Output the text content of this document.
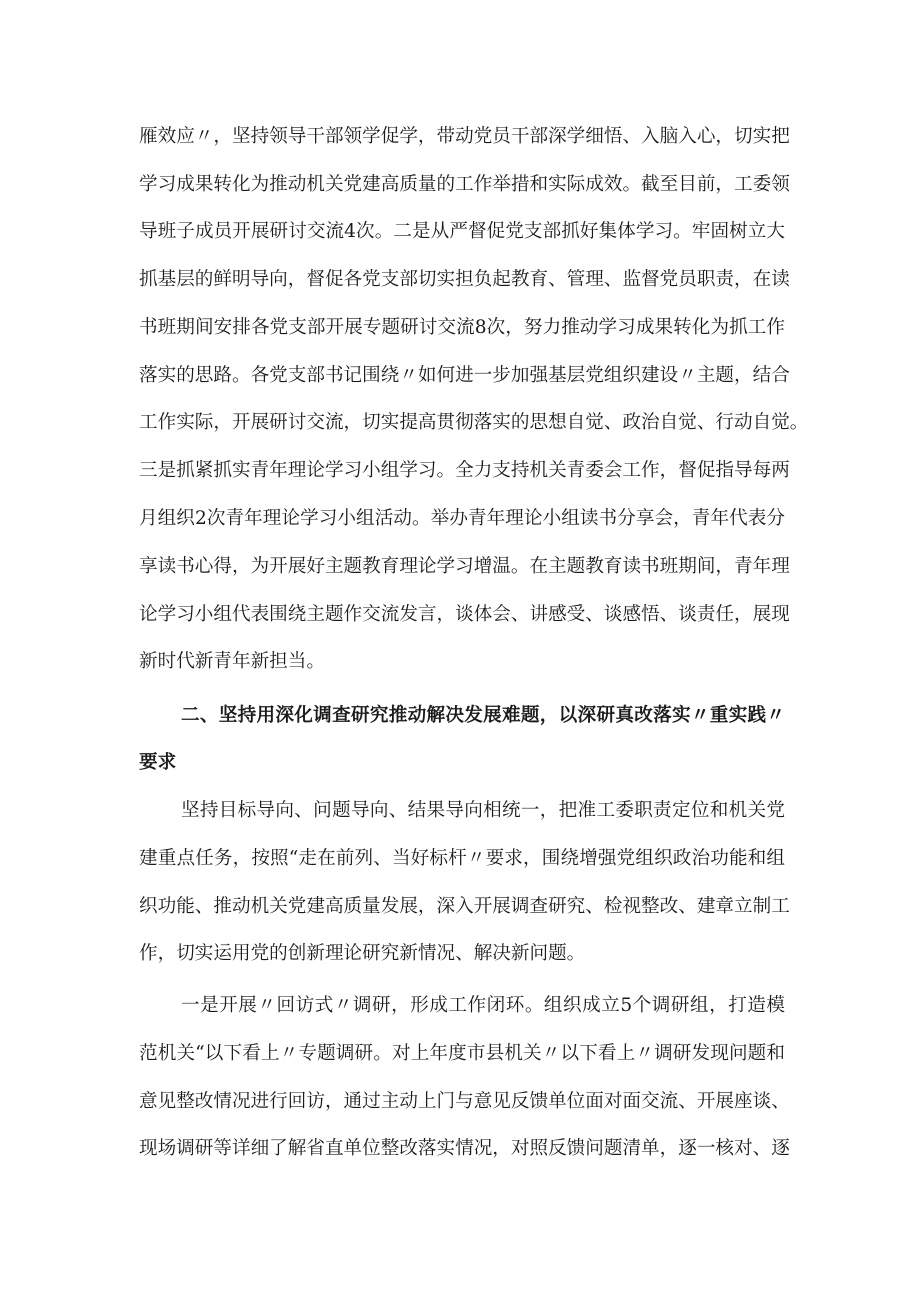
雁效应〃，坚持领导干部领学促学，带动党员干部深学细悟、入脑入心，切实把
学习成果转化为推动机关党建高质量的工作举措和实际成效。截至目前，工委领
导班子成员开展研讨交流4次。二是从严督促党支部抓好集体学习。牢固树立大
抓基层的鲜明导向，督促各党支部切实担负起教育、管理、监督党员职责，在读
书班期间安排各党支部开展专题研讨交流8次，努力推动学习成果转化为抓工作
落实的思路。各党支部书记围绕〃如何进一步加强基层党组织建设〃主题，结合
工作实际，开展研讨交流，切实提高贯彻落实的思想自觉、政治自觉、行动自觉。
三是抓紧抓实青年理论学习小组学习。全力支持机关青委会工作，督促指导每两
月组织2次青年理论学习小组活动。举办青年理论小组读书分享会，青年代表分
享读书心得，为开展好主题教育理论学习增温。在主题教育读书班期间，青年理
论学习小组代表围绕主题作交流发言，谈体会、讲感受、谈感悟、谈责任，展现
新时代新青年新担当。
二、坚持用深化调查研究推动解决发展难题，以深研真改落实〃重实践〃
要求
坚持目标导向、问题导向、结果导向相统一，把准工委职责定位和机关党
建重点任务，按照“走在前列、当好标杆〃要求，围绕增强党组织政治功能和组
织功能、推动机关党建高质量发展，深入开展调查研究、检视整改、建章立制工
作，切实运用党的创新理论研究新情况、解决新问题。
一是开展〃回访式〃调研，形成工作闭环。组织成立5个调研组，打造模
范机关“以下看上〃专题调研。对上年度市县机关〃以下看上〃调研发现问题和
意见整改情况进行回访，通过主动上门与意见反馈单位面对面交流、开展座谈、
现场调研等详细了解省直单位整改落实情况，对照反馈问题清单，逐一核对、逐
